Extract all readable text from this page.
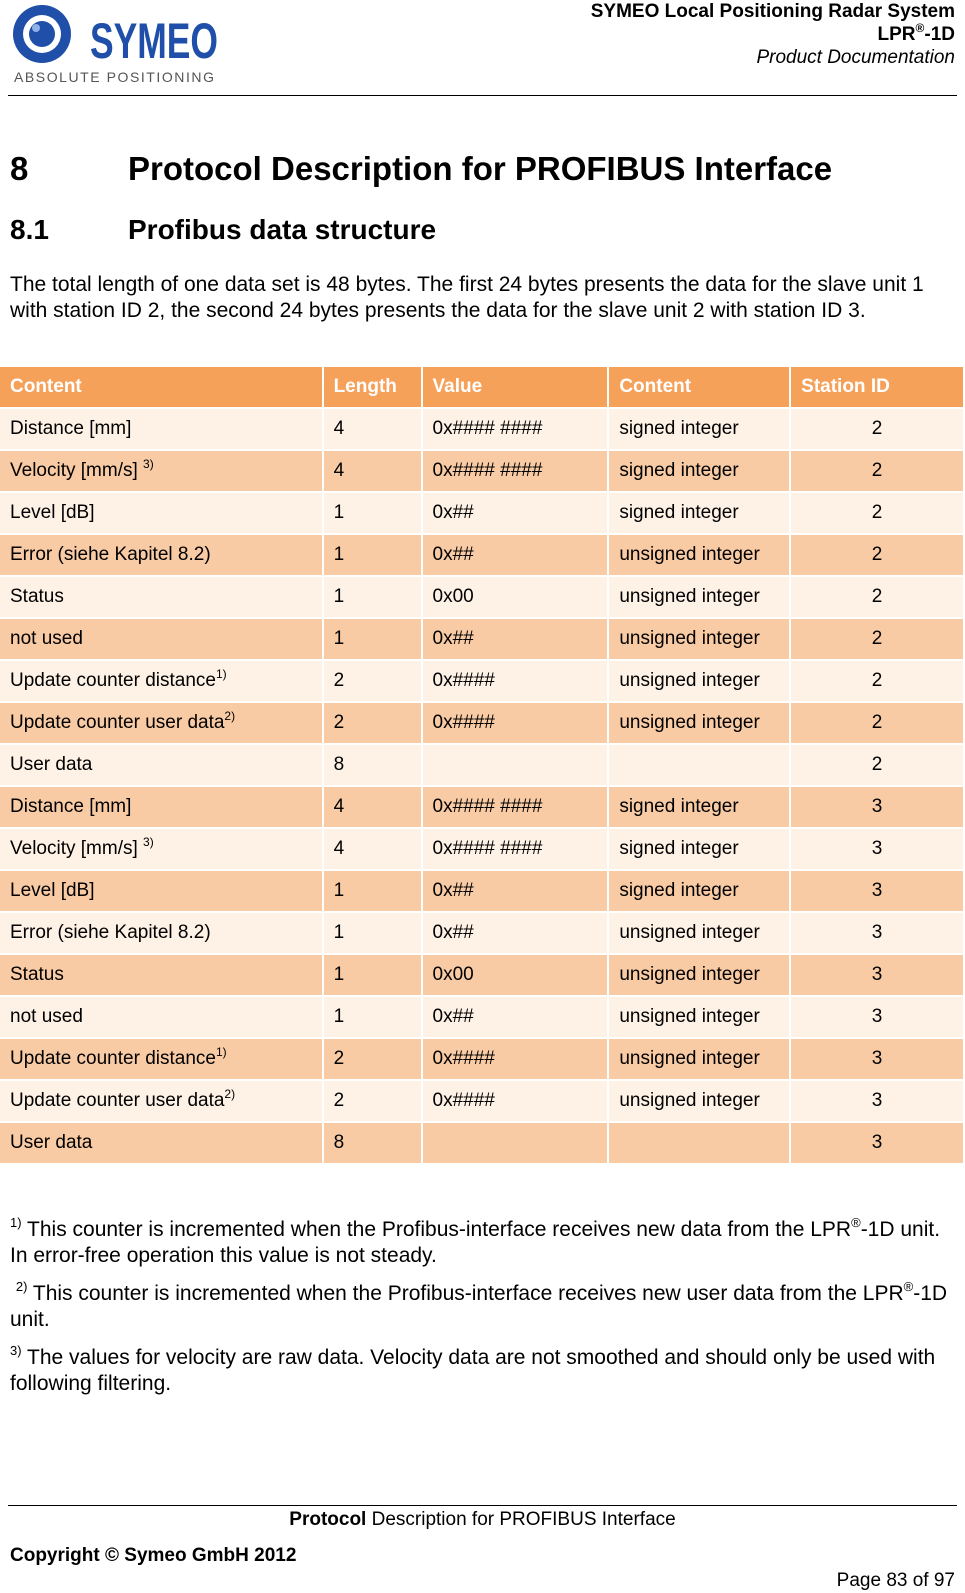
SYMEO
ABSOLUTE POSITIONING
SYMEO Local Positioning Radar System
LPR®-1D
Product Documentation
8	Protocol Description for PROFIBUS Interface
8.1	Profibus data structure
The total length of one data set is 48 bytes. The first 24 bytes presents the data for the slave unit 1 with station ID 2, the second 24 bytes presents the data for the slave unit 2 with station ID 3.
Content	Length	Value	Content	Station ID
Distance [mm]	4	0x#### ####	signed integer	2
Velocity [mm/s] $^{3)}$	4	0x#### ####	signed integer	2
Level [dB]	1	0x##	signed integer	2
Error (siehe Kapitel 8.2)	1	0x##	unsigned integer	2
Status	1	0x00	unsigned integer	2
not used	1	0x##	unsigned integer	2
Update counter distance$^{1)}$	2	0x####	unsigned integer	2
Update counter user data$^{2)}$	2	0x####	unsigned integer	2
User data	8			2
Distance [mm]	4	0x#### ####	signed integer	3
Velocity [mm/s] $^{3)}$	4	0x#### ####	signed integer	3
Level [dB]	1	0x##	signed integer	3
Error (siehe Kapitel 8.2)	1	0x##	unsigned integer	3
Status	1	0x00	unsigned integer	3
not used	1	0x##	unsigned integer	3
Update counter distance$^{1)}$	2	0x####	unsigned integer	3
Update counter user data$^{2)}$	2	0x####	unsigned integer	3
User data	8			3

$^{1)}$ This counter is incremented when the Profibus-interface receives new data from the LPR®-1D unit. In error-free operation this value is not steady.

$^{2)}$ This counter is incremented when the Profibus-interface receives new user data from the LPR®-1D unit.

$^{3)}$ The values for velocity are raw data. Velocity data are not smoothed and should only be used with following filtering.

Protocol Description for PROFIBUS Interface
Copyright © Symeo GmbH 2012
Page 83 of 97
